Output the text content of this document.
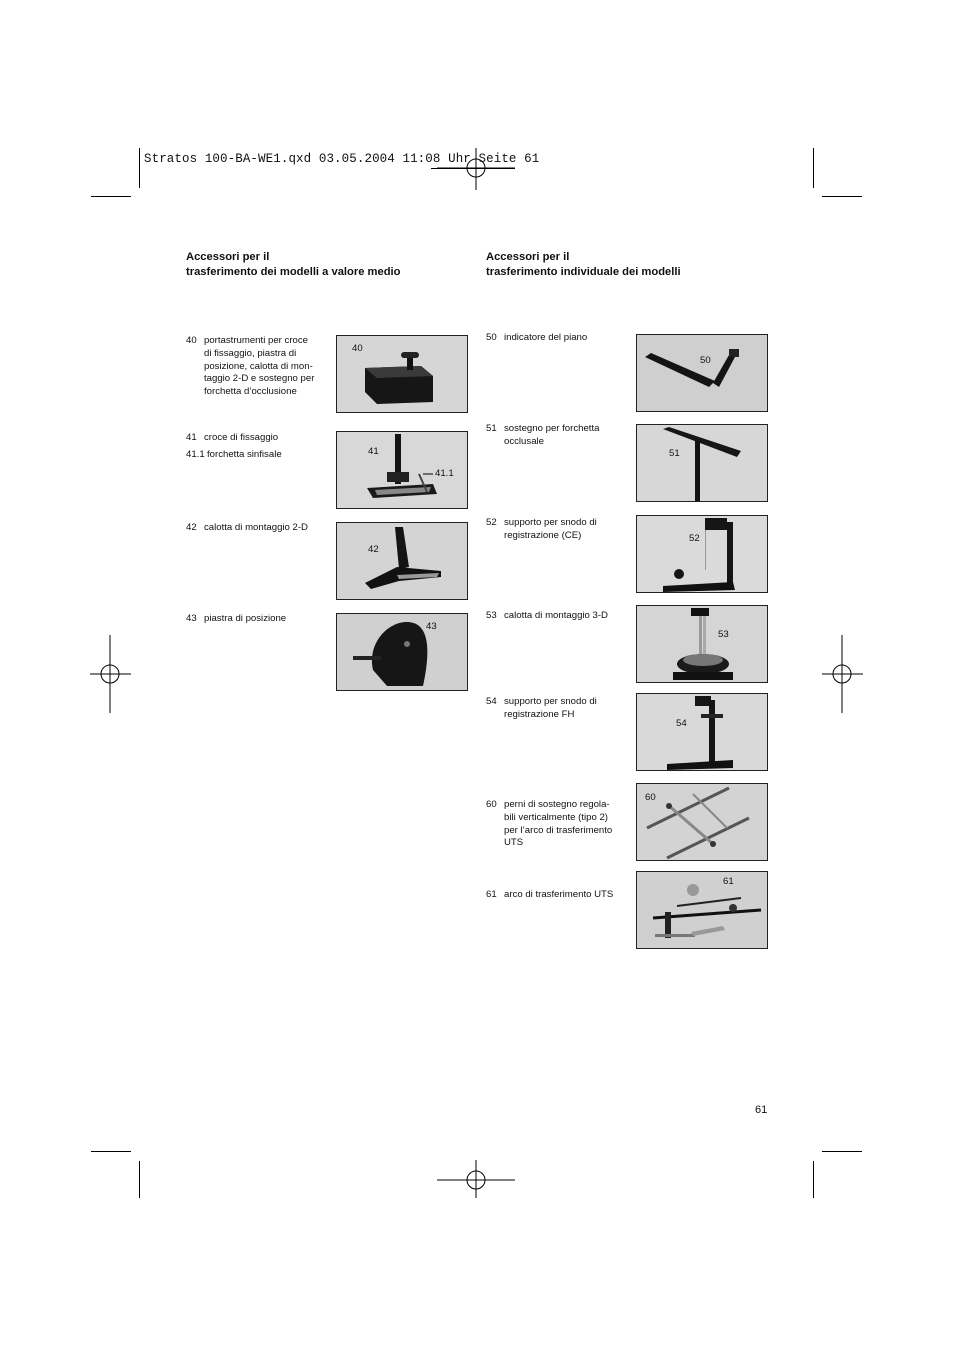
Stratos 100-BA-WE1.qxd 03.05.2004 11:08 Uhr Seite 61
Accessori per il
trasferimento dei modelli a valore medio
Accessori per il
trasferimento individuale dei modelli
40 portastrumenti per croce
di fissaggio, piastra di
posizione, calotta di mon-
taggio 2-D e sostegno per
forchetta d’occlusione
40
41 croce di fissaggio
41.1 forchetta sinfisale	41
41.1
42 calotta di montaggio 2-D
42
43 piastra di posizione
43
50 indicatore del piano
50
51 sostegno per forchetta
occlusale
51
52 supporto per snodo di
registrazione (CE)	52
53 calotta di montaggio 3-D
53
54 supporto per snodo di
registrazione FH
54
60 perni di sostegno regola-
bili verticalmente (tipo 2)
per l’arco di trasferimento
UTS
60
61 arco di trasferimento UTS
61
61
